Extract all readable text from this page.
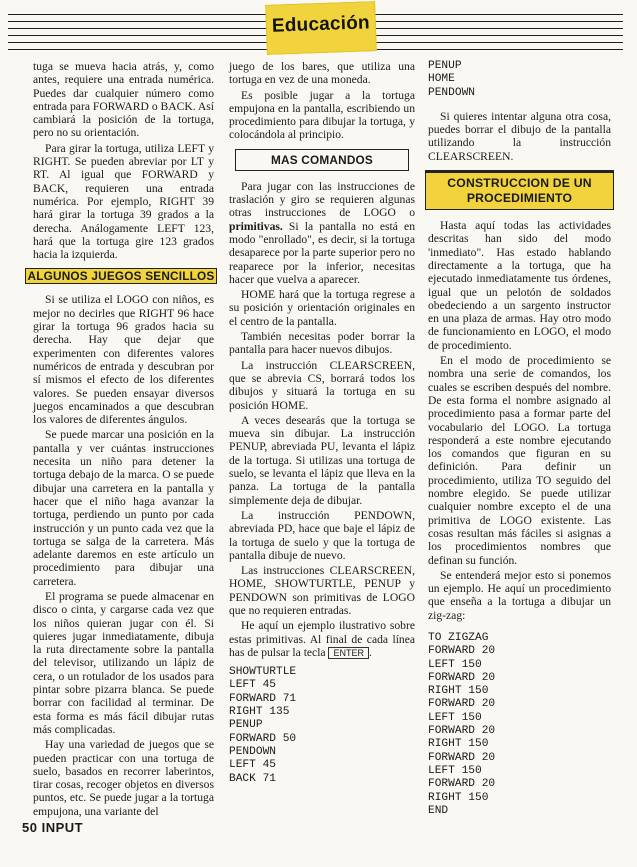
Educación

tuga se mueva hacia atrás, y, como antes, requiere una entrada numérica. Puedes dar cualquier número como entrada para FORWARD o BACK. Así cambiará la posición de la tortuga, pero no su orientación.

Para girar la tortuga, utiliza LEFT y RIGHT. Se pueden abreviar por LT y RT. Al igual que FORWARD y BACK, requieren una entrada numérica. Por ejemplo, RIGHT 39 hará girar la tortuga 39 grados a la derecha. Análogamente LEFT 123, hará que la tortuga gire 123 grados hacia la izquierda.

ALGUNOS JUEGOS SENCILLOS

Si se utiliza el LOGO con niños, es mejor no decirles que RIGHT 96 hace girar la tortuga 96 grados hacia su derecha. Hay que dejar que experimenten con diferentes valores numéricos de entrada y descubran por sí mismos el efecto de los diferentes valores. Se pueden ensayar diversos juegos encaminados a que descubran los valores de diferentes ángulos.

Se puede marcar una posición en la pantalla y ver cuántas instrucciones necesita un niño para detener la tortuga debajo de la marca. O se puede dibujar una carretera en la pantalla y hacer que el niño haga avanzar la tortuga, perdiendo un punto por cada instrucción y un punto cada vez que la tortuga se salga de la carretera. Más adelante daremos en este artículo un procedimiento para dibujar una carretera.

El programa se puede almacenar en disco o cinta, y cargarse cada vez que los niños quieran jugar con él. Si quieres jugar inmediatamente, dibuja la ruta directamente sobre la pantalla del televisor, utilizando un lápiz de cera, o un rotulador de los usados para pintar sobre pizarra blanca. Se puede borrar con facilidad al terminar. De esta forma es más fácil dibujar rutas más complicadas.

Hay una variedad de juegos que se pueden practicar con una tortuga de suelo, basados en recorrer laberintos, tirar cosas, recoger objetos en diversos puntos, etc. Se puede jugar a la tortuga empujona, una variante del

juego de los bares, que utiliza una tortuga en vez de una moneda.

Es posible jugar a la tortuga empujona en la pantalla, escribiendo un procedimiento para dibujar la tortuga, y colocándola al principio.

MAS COMANDOS

Para jugar con las instrucciones de traslación y giro se requieren algunas otras instrucciones de LOGO o primitivas. Si la pantalla no está en modo "enrollado", es decir, si la tortuga desaparece por la parte superior pero no reaparece por la inferior, necesitas hacer que vuelva a aparecer.

HOME hará que la tortuga regrese a su posición y orientación originales en el centro de la pantalla.

También necesitas poder borrar la pantalla para hacer nuevos dibujos.

La instrucción CLEARSCREEN, que se abrevia CS, borrará todos los dibujos y situará la tortuga en su posición HOME.

A veces desearás que la tortuga se mueva sin dibujar. La instrucción PENUP, abreviada PU, levanta el lápiz de la tortuga. Si utilizas una tortuga de suelo, se levanta el lápiz que lleva en la panza. La tortuga de la pantalla simplemente deja de dibujar.

La instrucción PENDOWN, abreviada PD, hace que baje el lápiz de la tortuga de suelo y que la tortuga de pantalla dibuje de nuevo.

Las instrucciones CLEARSCREEN, HOME, SHOWTURTLE, PENUP y PENDOWN son primitivas de LOGO que no requieren entradas.

He aquí un ejemplo ilustrativo sobre estas primitivas. Al final de cada línea has de pulsar la tecla ENTER .

SHOWTURTLE
LEFT 45
FORWARD 71
RIGHT 135
PENUP
FORWARD 50
PENDOWN
LEFT 45
BACK 71
PENUP
HOME
PENDOWN

Si quieres intentar alguna otra cosa, puedes borrar el dibujo de la pantalla utilizando la instrucción CLEARSCREEN.

CONSTRUCCION DE UN PROCEDIMIENTO

Hasta aquí todas las actividades descritas han sido del modo 'inmediato". Has estado hablando directamente a la tortuga, que ha ejecutado inmediatamente tus órdenes, igual que un pelotón de soldados obedeciendo a un sargento instructor en una plaza de armas. Hay otro modo de funcionamiento en LOGO, el modo de procedimiento.

En el modo de procedimiento se nombra una serie de comandos, los cuales se escriben después del nombre. De esta forma el nombre asignado al procedimiento pasa a formar parte del vocabulario del LOGO. La tortuga responderá a este nombre ejecutando los comandos que figuran en su definición. Para definir un procedimiento, utiliza TO seguido del nombre elegido. Se puede utilizar cualquier nombre excepto el de una primitiva de LOGO existente. Las cosas resultan más fáciles si asignas a los procedimientos nombres que definan su función.

Se entenderá mejor esto si ponemos un ejemplo. He aquí un procedimiento que enseña a la tortuga a dibujar un zig-zag:

TO ZIGZAG
FORWARD 20
LEFT 150
FORWARD 20
RIGHT 150
FORWARD 20
LEFT 150
FORWARD 20
RIGHT 150
FORWARD 20
LEFT 150
FORWARD 20
RIGHT 150
END
50 INPUT
